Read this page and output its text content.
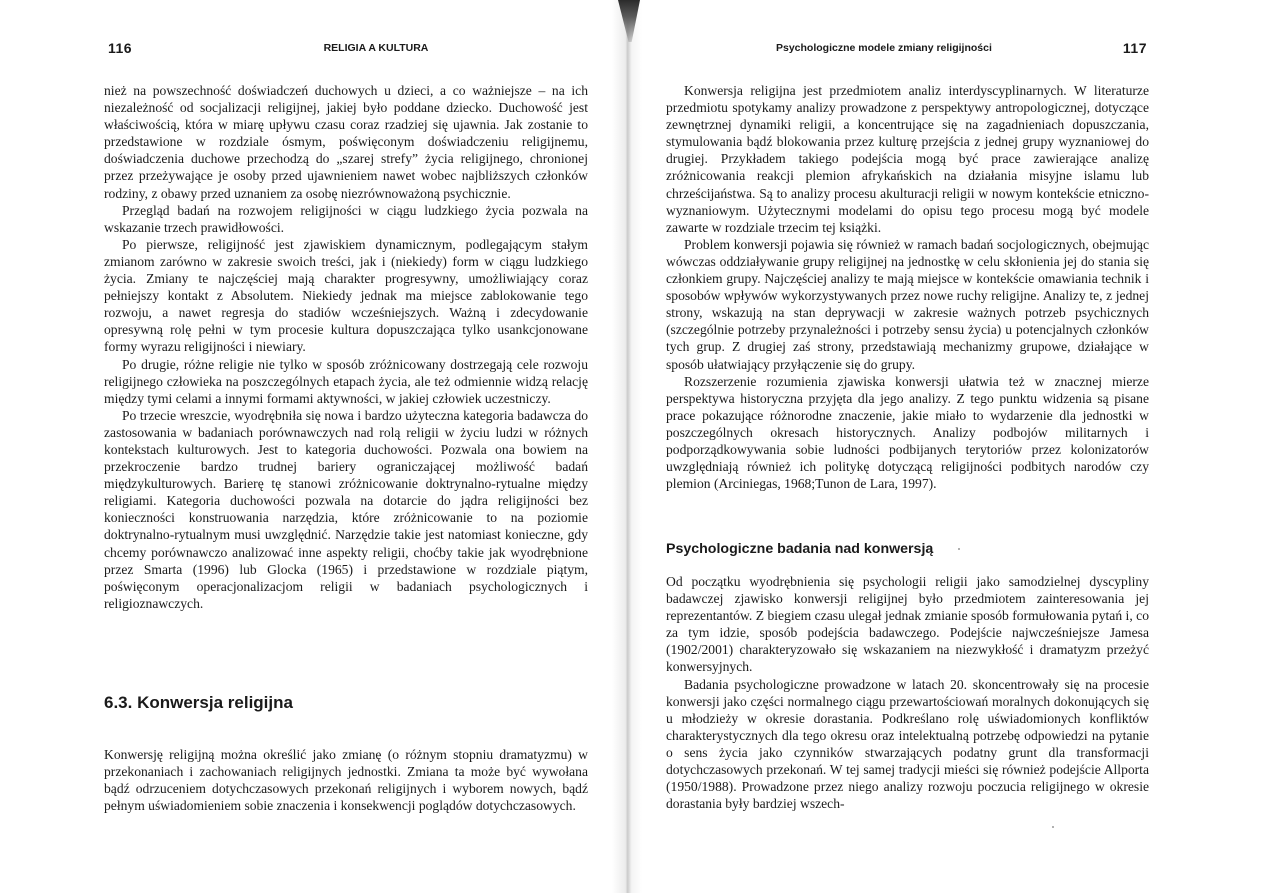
116	RELIGIA A KULTURA

nież na powszechność doświadczeń duchowych u dzieci, a co ważniejsze – na ich niezależność od socjalizacji religijnej, jakiej było poddane dziecko. Duchowość jest właściwością, która w miarę upływu czasu coraz rzadziej się ujawnia. Jak zostanie to przedstawione w rozdziale ósmym, poświęconym doświadczeniu religijnemu, doświadczenia duchowe przechodzą do „szarej strefy” życia religijnego, chronionej przez przeżywające je osoby przed ujawnieniem nawet wobec najbliższych członków rodziny, z obawy przed uznaniem za osobę niezrównoważoną psychicznie.

Przegląd badań na rozwojem religijności w ciągu ludzkiego życia pozwala na wskazanie trzech prawidłowości.

Po pierwsze, religijność jest zjawiskiem dynamicznym, podlegającym stałym zmianom zarówno w zakresie swoich treści, jak i (niekiedy) form w ciągu ludzkiego życia. Zmiany te najczęściej mają charakter progresywny, umożliwiający coraz pełniejszy kontakt z Absolutem. Niekiedy jednak ma miejsce zablokowanie tego rozwoju, a nawet regresja do stadiów wcześniejszych. Ważną i zdecydowanie opresywną rolę pełni w tym procesie kultura dopuszczająca tylko usankcjonowane formy wyrazu religijności i niewiary.

Po drugie, różne religie nie tylko w sposób zróżnicowany dostrzegają cele rozwoju religijnego człowieka na poszczególnych etapach życia, ale też odmiennie widzą relację między tymi celami a innymi formami aktywności, w jakiej człowiek uczestniczy.

Po trzecie wreszcie, wyodrębniła się nowa i bardzo użyteczna kategoria badawcza do zastosowania w badaniach porównawczych nad rolą religii w życiu ludzi w różnych kontekstach kulturowych. Jest to kategoria duchowości. Pozwala ona bowiem na przekroczenie bardzo trudnej bariery ograniczającej możliwość badań międzykulturowych. Barierę tę stanowi zróżnicowanie doktrynalno-rytualne między religiami. Kategoria duchowości pozwala na dotarcie do jądra religijności bez konieczności konstruowania narzędzia, które zróżnicowanie to na poziomie doktrynalno-rytualnym musi uwzględnić. Narzędzie takie jest natomiast konieczne, gdy chcemy porównawczo analizować inne aspekty religii, choćby takie jak wyodrębnione przez Smarta (1996) lub Glocka (1965) i przedstawione w rozdziale piątym, poświęconym operacjonalizacjom religii w badaniach psychologicznych i religioznawczych.

6.3. Konwersja religijna

Konwersję religijną można określić jako zmianę (o różnym stopniu dramatyzmu) w przekonaniach i zachowaniach religijnych jednostki. Zmiana ta może być wywołana bądź odrzuceniem dotychczasowych przekonań religijnych i wyborem nowych, bądź pełnym uświadomieniem sobie znaczenia i konsekwencji poglądów dotychczasowych.

Psychologiczne modele zmiany religijności	117

Konwersja religijna jest przedmiotem analiz interdyscyplinarnych. W literaturze przedmiotu spotykamy analizy prowadzone z perspektywy antropologicznej, dotyczące zewnętrznej dynamiki religii, a koncentrujące się na zagadnieniach dopuszczania, stymulowania bądź blokowania przez kulturę przejścia z jednej grupy wyznaniowej do drugiej. Przykładem takiego podejścia mogą być prace zawierające analizę zróżnicowania reakcji plemion afrykańskich na działania misyjne islamu lub chrześcijaństwa. Są to analizy procesu akulturacji religii w nowym kontekście etniczno-wyznaniowym. Użytecznymi modelami do opisu tego procesu mogą być modele zawarte w rozdziale trzecim tej książki.

Problem konwersji pojawia się również w ramach badań socjologicznych, obejmując wówczas oddziaływanie grupy religijnej na jednostkę w celu skłonienia jej do stania się członkiem grupy. Najczęściej analizy te mają miejsce w kontekście omawiania technik i sposobów wpływów wykorzystywanych przez nowe ruchy religijne. Analizy te, z jednej strony, wskazują na stan deprywacji w zakresie ważnych potrzeb psychicznych (szczególnie potrzeby przynależności i potrzeby sensu życia) u potencjalnych członków tych grup. Z drugiej zaś strony, przedstawiają mechanizmy grupowe, działające w sposób ułatwiający przyłączenie się do grupy.

Rozszerzenie rozumienia zjawiska konwersji ułatwia też w znacznej mierze perspektywa historyczna przyjęta dla jego analizy. Z tego punktu widzenia są pisane prace pokazujące różnorodne znaczenie, jakie miało to wydarzenie dla jednostki w poszczególnych okresach historycznych. Analizy podbojów militarnych i podporządkowywania sobie ludności podbijanych terytoriów przez kolonizatorów uwzględniają również ich politykę dotyczącą religijności podbitych narodów czy plemion (Arciniegas, 1968;Tunon de Lara, 1997).

Psychologiczne badania nad konwersją

Od początku wyodrębnienia się psychologii religii jako samodzielnej dyscypliny badawczej zjawisko konwersji religijnej było przedmiotem zainteresowania jej reprezentantów. Z biegiem czasu ulegał jednak zmianie sposób formułowania pytań i, co za tym idzie, sposób podejścia badawczego. Podejście najwcześniejsze Jamesa (1902/2001) charakteryzowało się wskazaniem na niezwykłość i dramatyzm przeżyć konwersyjnych.

Badania psychologiczne prowadzone w latach 20. skoncentrowały się na procesie konwersji jako części normalnego ciągu przewartościowań moralnych dokonujących się u młodzieży w okresie dorastania. Podkreślano rolę uświadomionych konfliktów charakterystycznych dla tego okresu oraz intelektualną potrzebę odpowiedzi na pytanie o sens życia jako czynników stwarzających podatny grunt dla transformacji dotychczasowych przekonań. W tej samej tradycji mieści się również podejście Allporta (1950/1988). Prowadzone przez niego analizy rozwoju poczucia religijnego w okresie dorastania były bardziej wszech-
